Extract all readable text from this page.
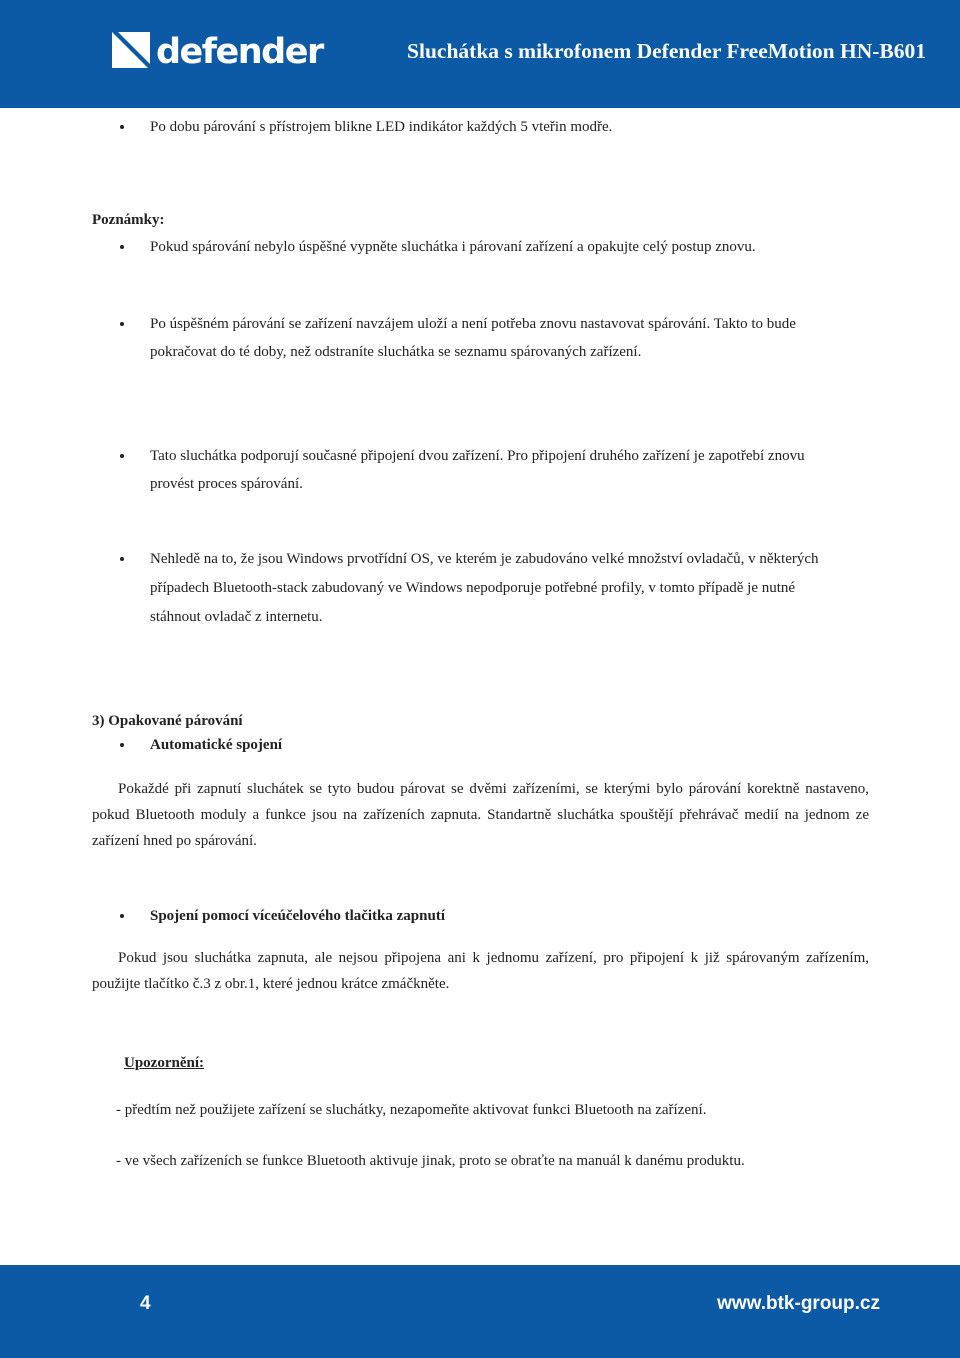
defender	Sluchátka s mikrofonem Defender FreeMotion HN-B601

Po dobu párování s přístrojem blikne LED indikátor každých 5 vteřin modře.

Poznámky:

Pokud spárování nebylo úspěšné vypněte sluchátka i párovaní zařízení a opakujte celý postup znovu.

Po úspěšném párování se zařízení navzájem uloží a není potřeba znovu nastavovat spárování. Takto to bude pokračovat do té doby, než odstraníte sluchátka se seznamu spárovaných zařízení.

Tato sluchátka podporují současné připojení dvou zařízení. Pro připojení druhého zařízení je zapotřebí znovu provést proces spárování.

Nehledě na to, že jsou Windows prvotřídní OS, ve kterém je zabudováno velké množství ovladačů, v některých případech Bluetooth-stack zabudovaný ve Windows nepodporuje potřebné profily, v tomto případě je nutné stáhnout ovladač z internetu.

3) Opakované párování

Automatické spojení

Pokaždé při zapnutí sluchátek se tyto budou párovat se dvěmi zařízeními, se kterými bylo párování korektně nastaveno, pokud Bluetooth moduly a funkce jsou na zařízeních zapnuta. Standartně sluchátka spouštějí přehrávač medií na jednom ze zařízení hned po spárování.

Spojení pomocí víceúčelového tlačitka zapnutí

Pokud jsou sluchátka zapnuta, ale nejsou připojena ani k jednomu zařízení, pro připojení k již spárovaným zařízením, použijte tlačítko č.3 z obr.1, které jednou krátce zmáčkněte.

Upozornění:

- předtím než použijete zařízení se sluchátky, nezapomeňte aktivovat funkci Bluetooth na zařízení.

- ve všech zařízeních se funkce Bluetooth aktivuje jinak, proto se obraťte na manuál k danému produktu.

4	www.btk-group.cz
